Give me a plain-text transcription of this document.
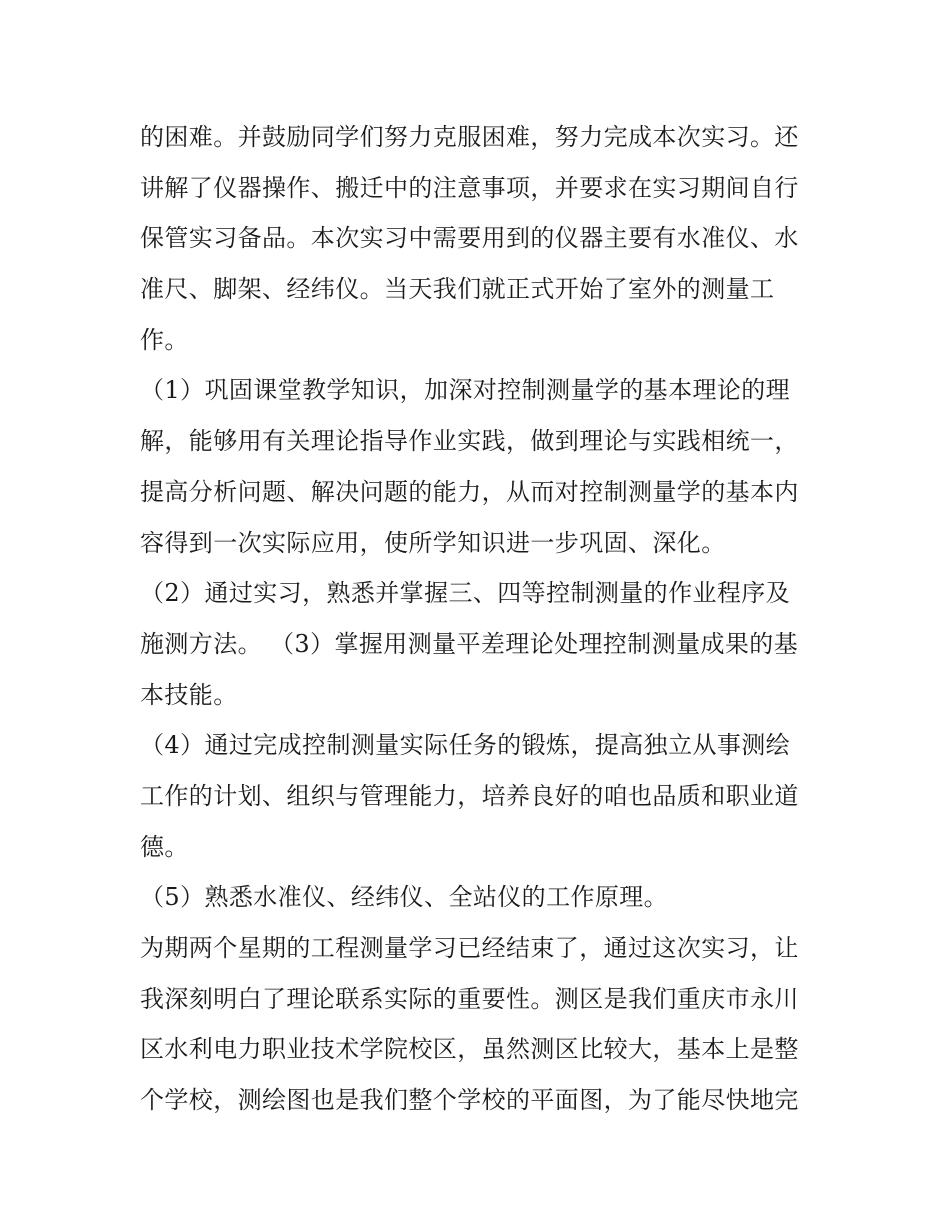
的困难。并鼓励同学们努力克服困难，努力完成本次实习。还
讲解了仪器操作、搬迁中的注意事项，并要求在实习期间自行
保管实习备品。本次实习中需要用到的仪器主要有水准仪、水
准尺、脚架、经纬仪。当天我们就正式开始了室外的测量工
作。
（1）巩固课堂教学知识，加深对控制测量学的基本理论的理
解，能够用有关理论指导作业实践，做到理论与实践相统一，
提高分析问题、解决问题的能力，从而对控制测量学的基本内
容得到一次实际应用，使所学知识进一步巩固、深化。
（2）通过实习，熟悉并掌握三、四等控制测量的作业程序及
施测方法。 （3）掌握用测量平差理论处理控制测量成果的基
本技能。
（4）通过完成控制测量实际任务的锻炼，提高独立从事测绘
工作的计划、组织与管理能力，培养良好的咱也品质和职业道
德。
（5）熟悉水准仪、经纬仪、全站仪的工作原理。
为期两个星期的工程测量学习已经结束了，通过这次实习，让
我深刻明白了理论联系实际的重要性。测区是我们重庆市永川
区水利电力职业技术学院校区，虽然测区比较大，基本上是整
个学校，测绘图也是我们整个学校的平面图，为了能尽快地完
